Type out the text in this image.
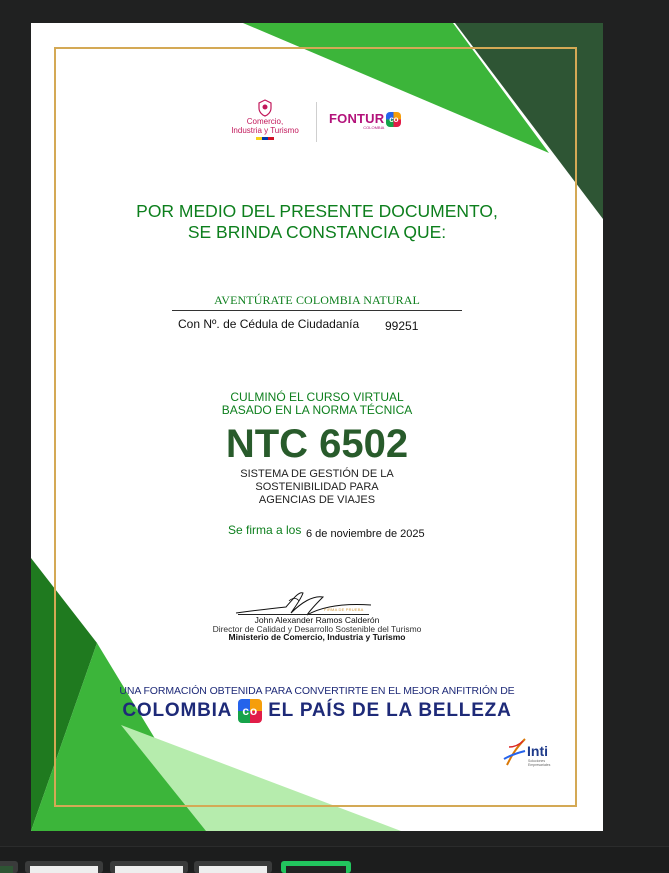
Comercio,
Industria y Turismo
FONTUR
COLOMBIA
co
POR MEDIO DEL PRESENTE DOCUMENTO,
SE BRINDA CONSTANCIA QUE:
AVENTÚRATE COLOMBIA NATURAL
Con Nº. de Cédula de Ciudadanía 99251
CULMINÓ EL CURSO VIRTUAL
BASADO EN LA NORMA TÉCNICA
NTC 6502
SISTEMA DE GESTIÓN DE LA
SOSTENIBILIDAD PARA
AGENCIAS DE VIAJES
Se firma a los 6 de noviembre de 2025
FIRMA DE PRUEBA
John Alexander Ramos Calderón
Director de Calidad y Desarrollo Sostenible del Turismo
Ministerio de Comercio, Industria y Turismo
UNA FORMACIÓN OBTENIDA PARA CONVERTIRTE EN EL MEJOR ANFITRIÓN DE
COLOMBIA co EL PAÍS DE LA BELLEZA
Inti
Soluciones
Empresariales
